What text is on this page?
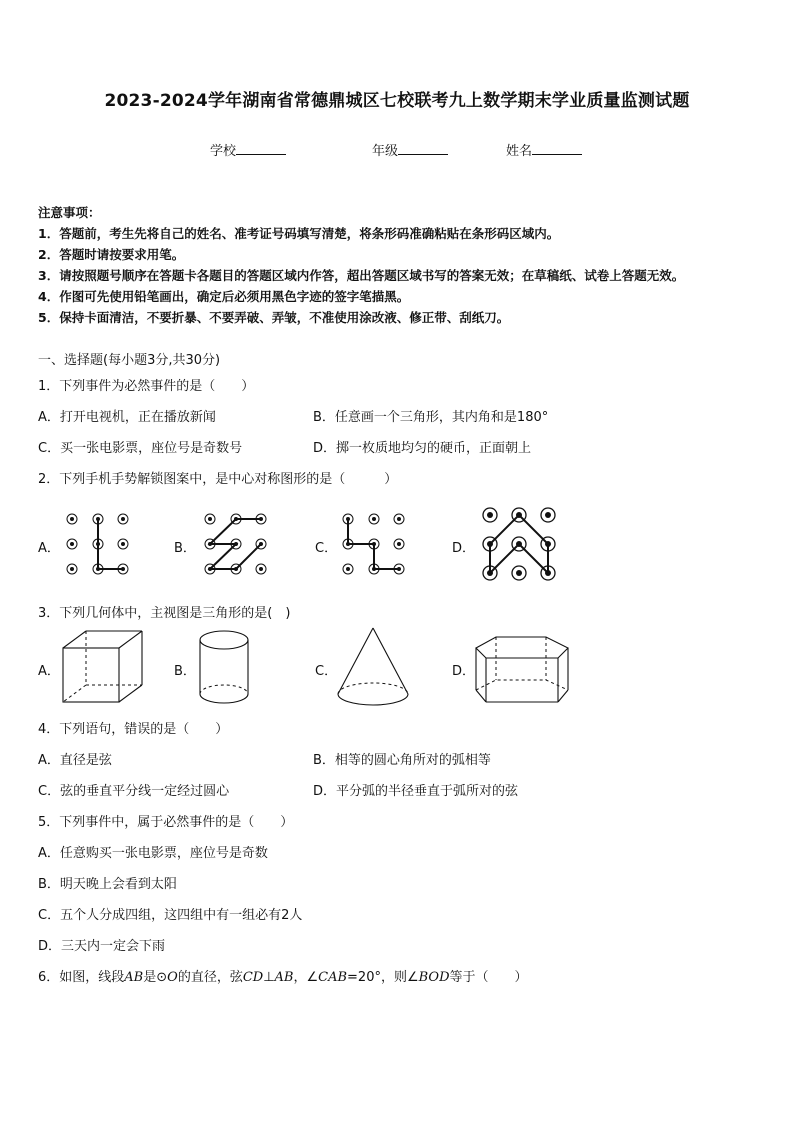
2023-2024学年湖南省常德鼎城区七校联考九上数学期末学业质量监测试题
学校	年级	姓名
注意事项：
1．答题前，考生先将自己的姓名、准考证号码填写清楚，将条形码准确粘贴在条形码区域内。
2．答题时请按要求用笔。
3．请按照题号顺序在答题卡各题目的答题区域内作答，超出答题区域书写的答案无效；在草稿纸、试卷上答题无效。
4．作图可先使用铅笔画出，确定后必须用黑色字迹的签字笔描黑。
5．保持卡面清洁，不要折暴、不要弄破、弄皱，不准使用涂改液、修正带、刮纸刀。
一、选择题(每小题3分,共30分)
1．下列事件为必然事件的是（　　）
A．打开电视机，正在播放新闻	B．任意画一个三角形，其内角和是180°
C．买一张电影票，座位号是奇数号	D．掷一枚质地均匀的硬币，正面朝上
2．下列手机手势解锁图案中，是中心对称图形的是（　　　）
A．	B．	C．	D．
3．下列几何体中，主视图是三角形的是(　)
A．	B．	C．	D．
4．下列语句，错误的是（　　）
A．直径是弦	B．相等的圆心角所对的弧相等
C．弦的垂直平分线一定经过圆心	D．平分弧的半径垂直于弧所对的弦
5．下列事件中，属于必然事件的是（　　）
A．任意购买一张电影票，座位号是奇数
B．明天晚上会看到太阳
C．五个人分成四组，这四组中有一组必有2人
D．三天内一定会下雨
6．如图，线段AB是⊙O的直径，弦CD⊥AB，∠CAB=20°，则∠BOD等于（　　）
